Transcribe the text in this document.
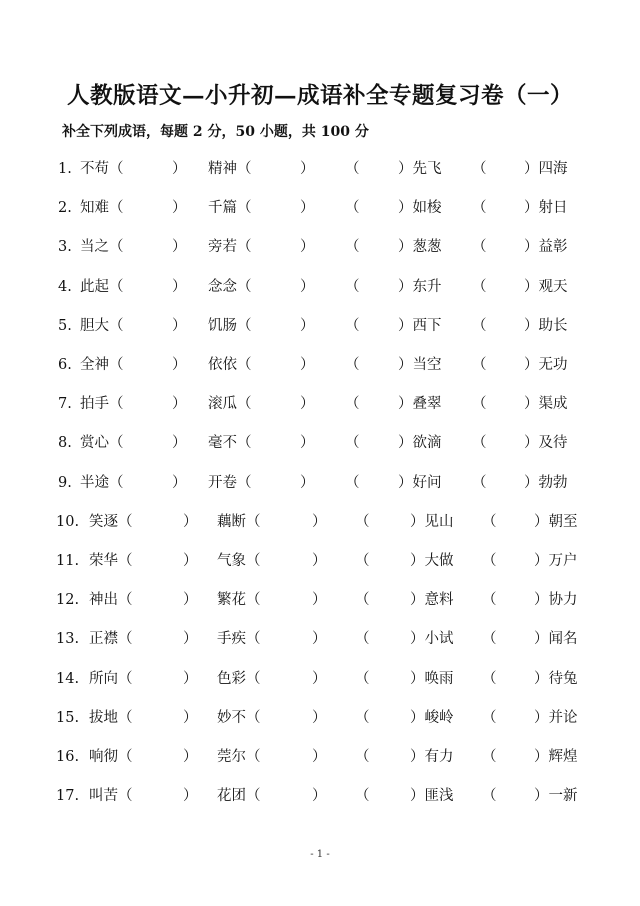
人教版语文—小升初—成语补全专题复习卷（一）
补全下列成语，每题 2 分，50 小题，共 100 分
1. 不苟（	） 精神（	） （	）先飞 （	）四海
2. 知难（	） 千篇（	） （	）如梭 （	）射日
3. 当之（	） 旁若（	） （	）葱葱 （	）益彰
4. 此起（	） 念念（	） （	）东升 （	）观天
5. 胆大（	） 饥肠（	） （	）西下 （	）助长
6. 全神（	） 依依（	） （	）当空 （	）无功
7. 拍手（	） 滚瓜（	） （	）叠翠 （	）渠成
8. 赏心（	） 毫不（	） （	）欲滴 （	）及待
9. 半途（	） 开卷（	） （	）好问 （	）勃勃
10. 笑逐（	） 藕断（	） （	）见山 （	）朝至
11. 荣华（	） 气象（	） （	）大做 （	）万户
12. 神出（	） 繁花（	） （	）意料 （	）协力
13. 正襟（	） 手疾（	） （	）小试 （	）闻名
14. 所向（	） 色彩（	） （	）唤雨 （	）待兔
15. 拔地（	） 妙不（	） （	）峻岭 （	）并论
16. 响彻（	） 莞尔（	） （	）有力 （	）辉煌
17. 叫苦（	） 花团（	） （	）匪浅 （	）一新
- 1 -
